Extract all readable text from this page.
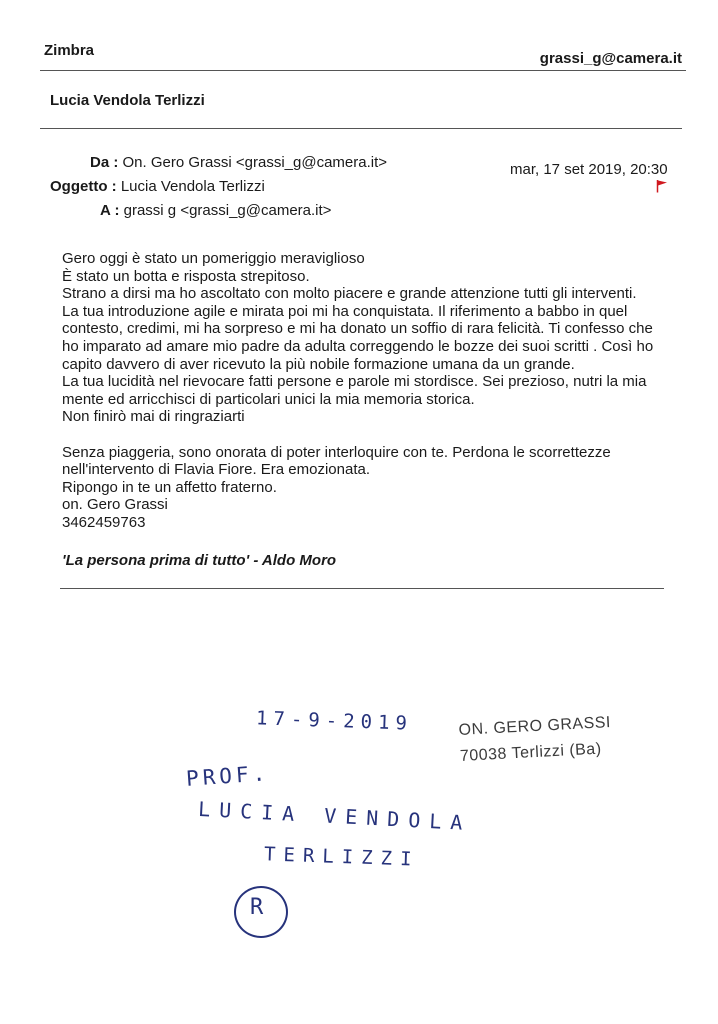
Zimbra	grassi_g@camera.it
Lucia Vendola Terlizzi
Da : On. Gero Grassi <grassi_g@camera.it>
Oggetto : Lucia Vendola Terlizzi
A : grassi g <grassi_g@camera.it>
mar, 17 set 2019, 20:30

Gero oggi è stato un pomeriggio meraviglioso

È stato un botta e risposta strepitoso.

Strano a dirsi ma ho ascoltato con molto piacere e grande attenzione tutti gli interventi.

La tua introduzione agile e mirata poi mi ha conquistata. Il riferimento a babbo in quel

contesto, credimi, mi ha sorpreso e mi ha donato un soffio di rara felicità. Ti confesso che

ho imparato ad amare mio padre da adulta correggendo le bozze dei suoi scritti . Così ho

capito davvero di aver ricevuto la più nobile formazione umana da un grande.

La tua lucidità nel rievocare fatti persone e parole mi stordisce. Sei prezioso, nutri la mia

mente ed arricchisci di particolari unici la mia memoria storica.

Non finirò mai di ringraziarti

Senza piaggeria, sono onorata di poter interloquire con te. Perdona le scorrettezze

nell'intervento di Flavia Fiore. Era emozionata.

Ripongo in te un affetto fraterno.

on. Gero Grassi

3462459763

'La persona prima di tutto' - Aldo Moro
ON. GERO GRASSI
70038 Terlizzi (Ba)
17-9-2019
PROF.
LUCIA VENDOLA
TERLIZZI
R
